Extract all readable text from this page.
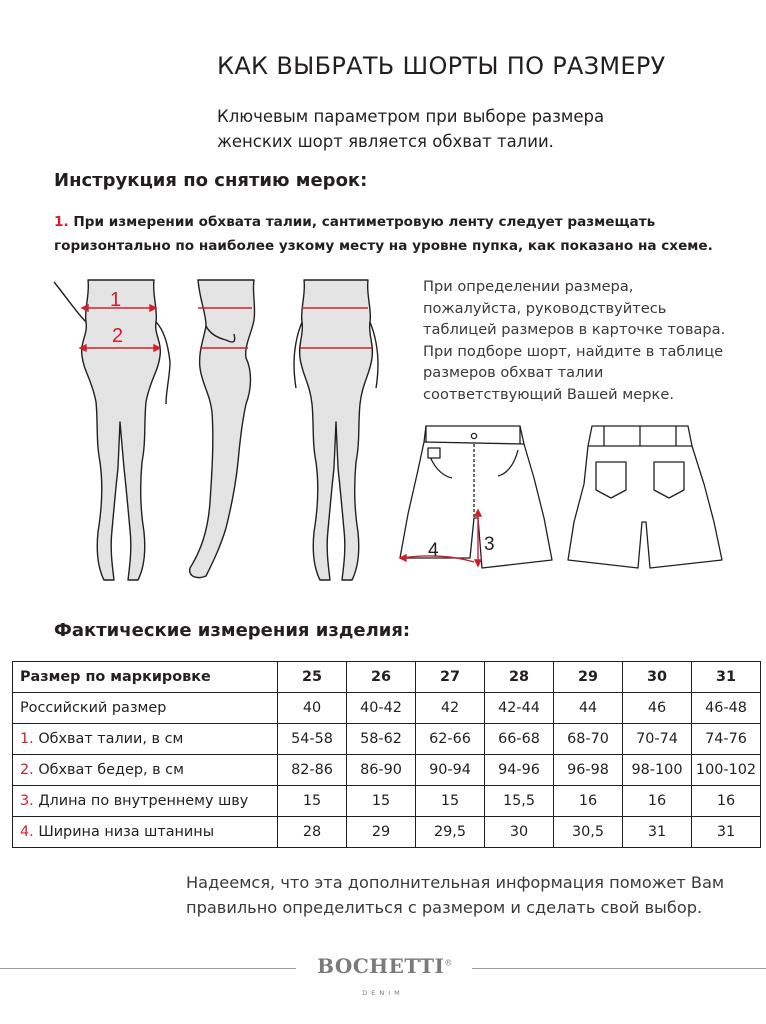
КАК ВЫБРАТЬ ШОРТЫ ПО РАЗМЕРУ
Ключевым параметром при выборе размера
женских шорт является обхват талии.
Инструкция по снятию мерок:
1. При измерении обхвата талии, сантиметровую ленту следует размещать
горизонтально по наиболее узкому месту на уровне пупка, как показано на схеме.
1
2
При определении размера,
пожалуйста, руководствуйтесь
таблицей размеров в карточке товара.
При подборе шорт, найдите в таблице
размеров обхват талии
соответствующий Вашей мерке.
3
4
Фактические измерения изделия:
Размер по маркировке	25	26	27	28	29	30	31
Российский размер	40	40-42	42	42-44	44	46	46-48
1. Обхват талии, в см	54-58	58-62	62-66	66-68	68-70	70-74	74-76
2. Обхват бедер, в см	82-86	86-90	90-94	94-96	96-98	98-100	100-102
3. Длина по внутреннему шву	15	15	15	15,5	16	16	16
4. Ширина низа штанины	28	29	29,5	30	30,5	31	31
Надеемся, что эта дополнительная информация поможет Вам
правильно определиться с размером и сделать свой выбор.
BOCHETTI®
DENIM
